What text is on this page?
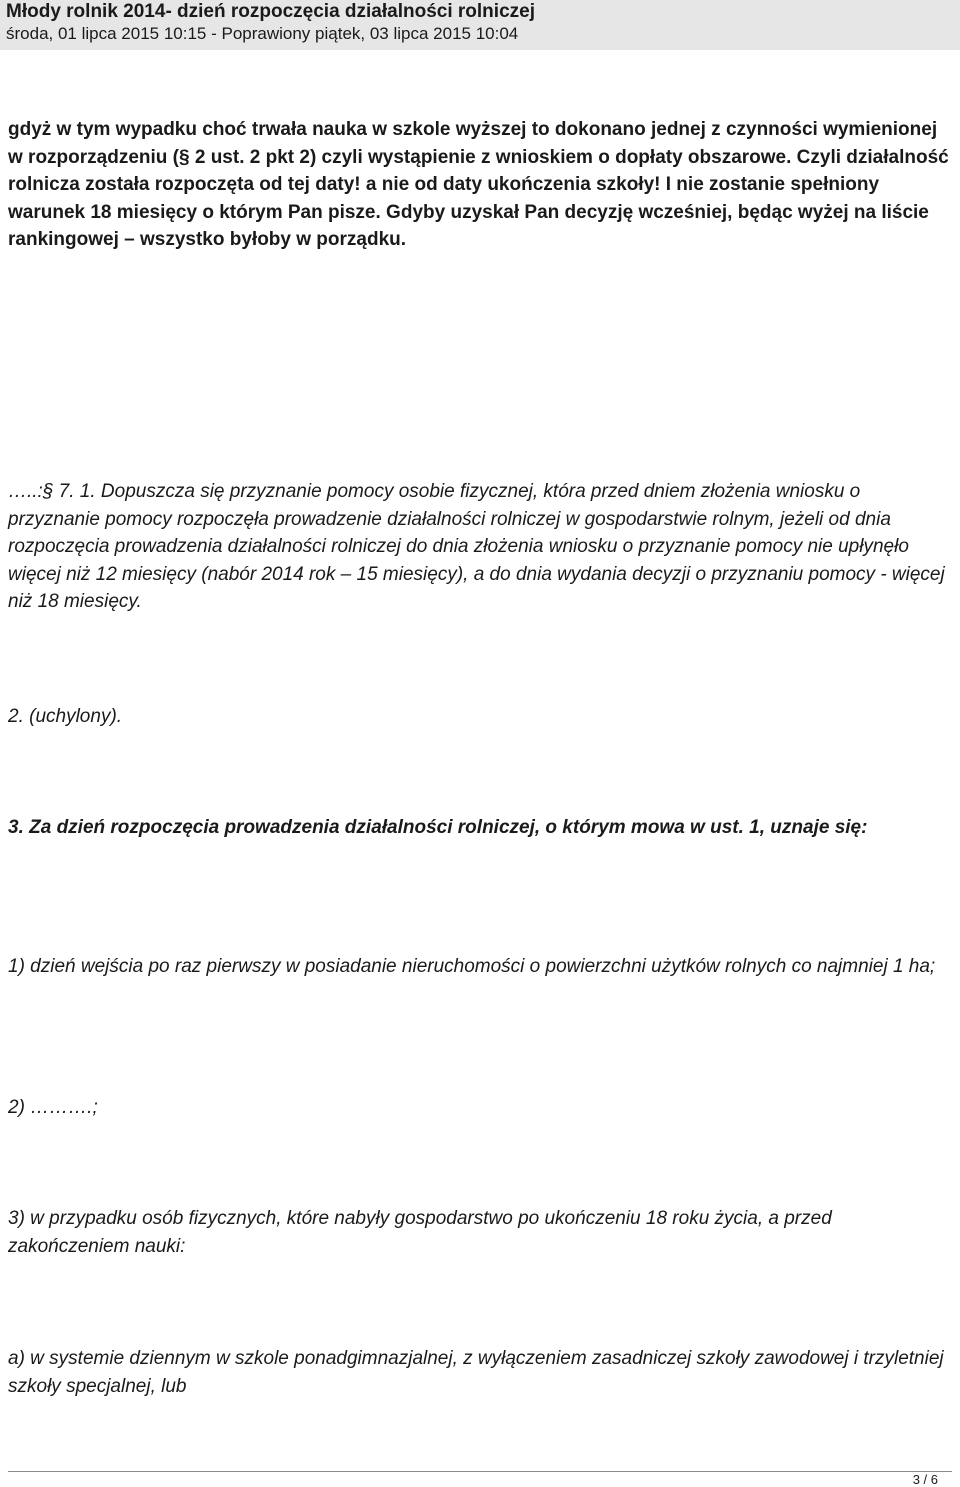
Młody rolnik 2014- dzień rozpoczęcia działalności rolniczej
środa, 01 lipca 2015 10:15 - Poprawiony piątek, 03 lipca 2015 10:04

gdyż w tym wypadku choć trwała nauka w szkole wyższej to dokonano jednej z czynności wymienionej w rozporządzeniu (§ 2 ust. 2 pkt 2) czyli wystąpienie z wnioskiem o dopłaty obszarowe. Czyli działalność rolnicza została rozpoczęta od tej daty! a nie od daty ukończenia szkoły! I nie zostanie spełniony warunek 18 miesięcy o którym Pan pisze. Gdyby uzyskał Pan decyzję wcześniej, będąc wyżej na liście rankingowej – wszystko byłoby w porządku.

…..:§ 7. 1. Dopuszcza się przyznanie pomocy osobie fizycznej, która przed dniem złożenia wniosku o przyznanie pomocy rozpoczęła prowadzenie działalności rolniczej w gospodarstwie rolnym, jeżeli od dnia rozpoczęcia prowadzenia działalności rolniczej do dnia złożenia wniosku o przyznanie pomocy nie upłynęło więcej niż 12 miesięcy (nabór 2014 rok – 15 miesięcy), a do dnia wydania decyzji o przyznaniu pomocy - więcej niż 18 miesięcy.

2. (uchylony).

3. Za dzień rozpoczęcia prowadzenia działalności rolniczej, o którym mowa w ust. 1, uznaje się:

1) dzień wejścia po raz pierwszy w posiadanie nieruchomości o powierzchni użytków rolnych co najmniej 1 ha;

2) ……….;

3) w przypadku osób fizycznych, które nabyły gospodarstwo po ukończeniu 18 roku życia, a przed zakończeniem nauki:

a) w systemie dziennym w szkole ponadgimnazjalnej, z wyłączeniem zasadniczej szkoły zawodowej i trzyletniej szkoły specjalnej, lub

3 / 6
